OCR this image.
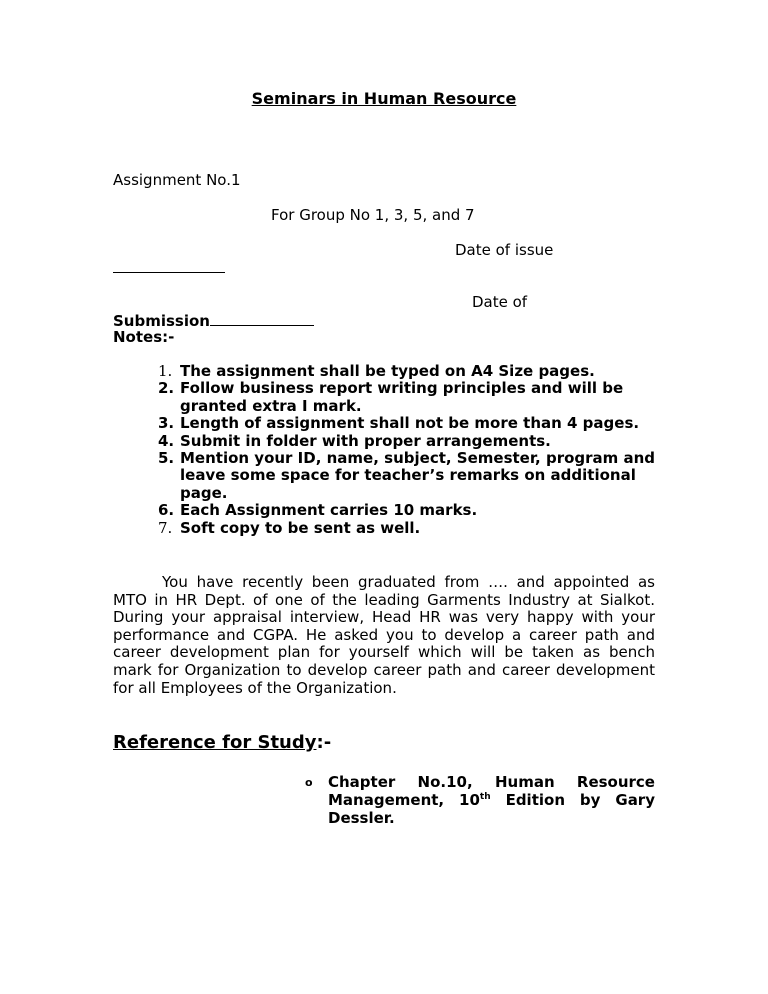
Seminars in Human Resource
Assignment No.1
For Group No 1, 3, 5, and 7
Date of issue
Date of
Submission
Notes:-
1. The assignment shall be typed on A4 Size pages.
2. Follow business report writing principles and will be granted extra I mark.
3. Length of assignment shall not be more than 4 pages.
4. Submit in folder with proper arrangements.
5. Mention your ID, name, subject, Semester, program and leave some space for teacher’s remarks on additional page.
6. Each Assignment carries 10 marks.
7. Soft copy to be sent as well.
You have recently been graduated from …. and appointed as MTO in HR Dept. of one of the leading Garments Industry at Sialkot. During your appraisal interview, Head HR was very happy with your performance and CGPA. He asked you to develop a career path and career development plan for yourself which will be taken as bench mark for Organization to develop career path and career development for all Employees of the Organization.
Reference for Study:-
o Chapter No.10, Human Resource Management, 10th Edition by Gary Dessler.
